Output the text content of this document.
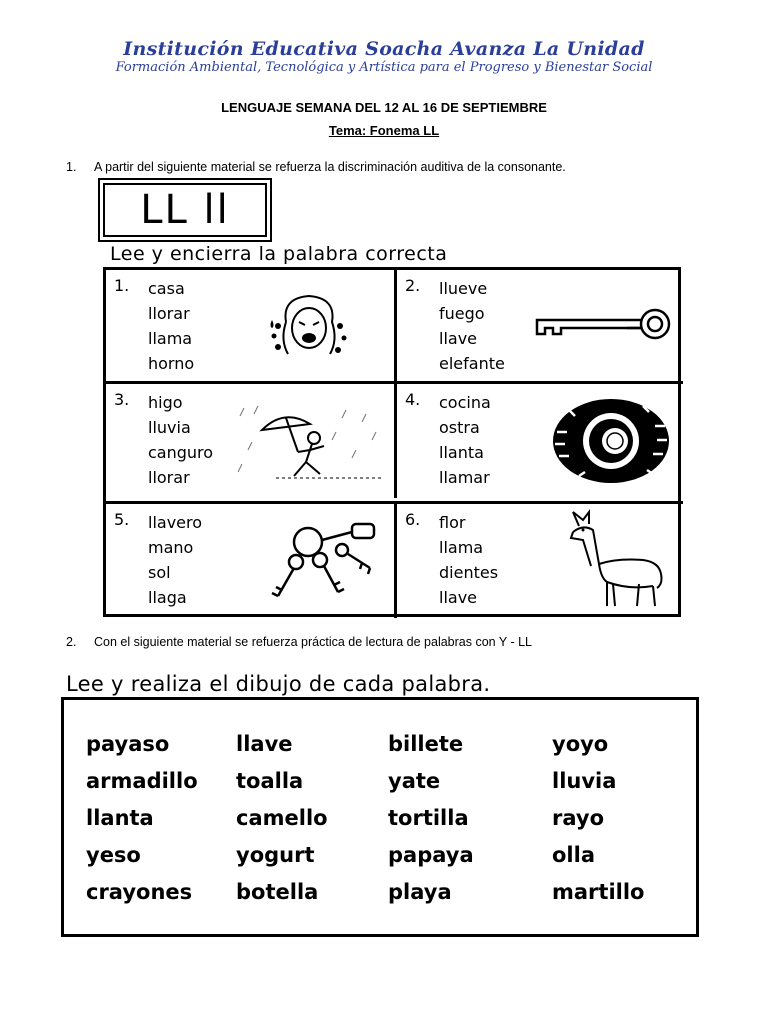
Institución Educativa Soacha Avanza La Unidad
Formación Ambiental, Tecnológica y Artística para el Progreso y Bienestar Social
LENGUAJE SEMANA DEL 12 AL 16 DE SEPTIEMBRE
Tema: Fonema LL
1. A partir del siguiente material se refuerza la discriminación auditiva de la consonante.
LL ll
Lee y encierra la palabra correcta
1. casa
llorar
llama
horno
2. llueve
fuego
llave
elefante
3. higo
lluvia
canguro
llorar
4. cocina
ostra
llanta
llamar
5. llavero
mano
sol
llaga
6. flor
llama
dientes
llave
2. Con el siguiente material se refuerza práctica de lectura de palabras con Y - LL
Lee y realiza el dibujo de cada palabra.
payaso
armadillo
llanta
yeso
crayones
llave
toalla
camello
yogurt
botella
billete
yate
tortilla
papaya
playa
yoyo
lluvia
rayo
olla
martillo
